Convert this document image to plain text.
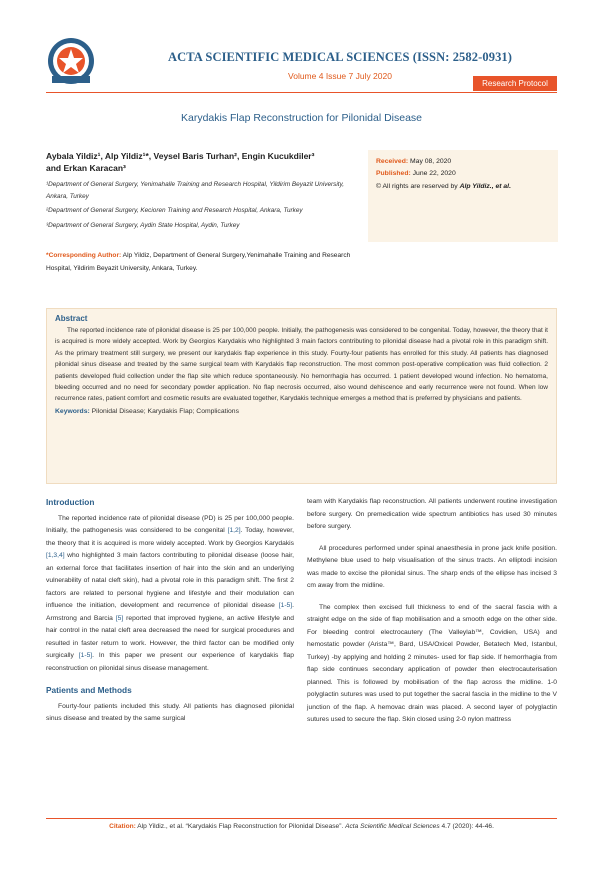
ACTA SCIENTIFIC MEDICAL SCIENCES (ISSN: 2582-0931)
Volume 4 Issue 7 July 2020
Research Protocol
Karydakis Flap Reconstruction for Pilonidal Disease
Aybala Yildiz¹, Alp Yildiz¹*, Veysel Baris Turhan², Engin Kucukdiler³
and Erkan Karacan³

¹Department of General Surgery, Yenimahalle Training and Research Hospital, Yildirim Beyazit University, Ankara, Turkey

²Department of General Surgery, Kecioren Training and Research Hospital, Ankara, Turkey

³Department of General Surgery, Aydin State Hospital, Aydin, Turkey

*Corresponding Author: Alp Yildiz, Department of General Surgery,Yenimahalle Training and Research Hospital, Yildirim Beyazit University, Ankara, Turkey.
Received: May 08, 2020
Published: June 22, 2020
© All rights are reserved by Alp Yildiz., et al.
Abstract
The reported incidence rate of pilonidal disease is 25 per 100,000 people. Initially, the pathogenesis was considered to be congenital. Today, however, the theory that it is acquired is more widely accepted. Work by Georgios Karydakis who highlighted 3 main factors contributing to pilonidal disease had a pivotal role in this paradigm shift. As the primary treatment still surgery, we present our karydakis flap experience in this study. Fourty-four patients has enrolled for this study. All patients has diagnosed pilonidal sinus disease and treated by the same surgical team with Karydakis flap reconstruction. The most common post-operative complication was fluid collection. 2 patients developed fluid collection under the flap site which reduce spontaneously. No hemorrhagia has occurred. 1 patient developed wound infection. No hematoma, bleeding occurred and no need for secondary powder application. No flap necrosis occurred, also wound dehiscence and early recurrence were not found. When low recurrence rates, patient comfort and cosmetic results are evaluated together, Karydakis technique emerges a method that is preferred by physicians and patients.
Keywords: Pilonidal Disease; Karydakis Flap; Complications
Introduction

The reported incidence rate of pilonidal disease (PD) is 25 per 100,000 people. Initially, the pathogenesis was considered to be congenital [1,2]. Today, however, the theory that it is acquired is more widely accepted. Work by Georgios Karydakis [1,3,4] who highlighted 3 main factors contributing to pilonidal disease (loose hair, an external force that facilitates insertion of hair into the skin and an underlying vulnerability of natal cleft skin), had a pivotal role in this paradigm shift. The first 2 factors are related to personal hygiene and lifestyle and their modulation can influence the initiation, development and recurrence of pilonidal disease [1-5]. Armstrong and Barcia [5] reported that improved hygiene, an active lifestyle and hair control in the natal cleft area decreased the need for surgical procedures and resulted in faster return to work. However, the third factor can be modified only surgically [1-5]. In this paper we present our experience of karydakis flap reconstruction on pilonidal sinus disease management.

Patients and Methods

Fourty-four patients included this study. All patients has diagnosed pilonidal sinus disease and treated by the same surgical

team with Karydakis flap reconstruction. All patients underwent routine investigation before surgery. On premedication wide spectrum antibiotics has used 30 minutes before surgery.

All procedures performed under spinal anaesthesia in prone jack knife position. Methylene blue used to help visualisation of the sinus tracts. An elliptodi incision was made to excise the pilonidal sinus. The sharp ends of the ellipse has incised 3 cm away from the midline.

The complex then excised full thickness to end of the sacral fascia with a straight edge on the side of flap mobilisation and a smooth edge on the other side. For bleeding control electrocautery (The Valleylab™, Covidien, USA) and hemostatic powder (Arista™, Bard, USA/Oxicel Powder, Betatech Med, Istanbul, Turkey) -by applying and holding 2 minutes- used for flap side. If hemorrhagia from flap side continues secondary application of powder then electrocauterisation planned. This is followed by mobilisation of the flap across the midline. 1-0 polyglactin sutures was used to put together the sacral fascia in the midline to the V junction of the flap. A hemovac drain was placed. A second layer of polyglactin sutures used to secure the flap. Skin closed using 2-0 nylon mattress

Citation: Alp Yildiz., et al. “Karydakis Flap Reconstruction for Pilonidal Disease”. Acta Scientific Medical Sciences 4.7 (2020): 44-46.
